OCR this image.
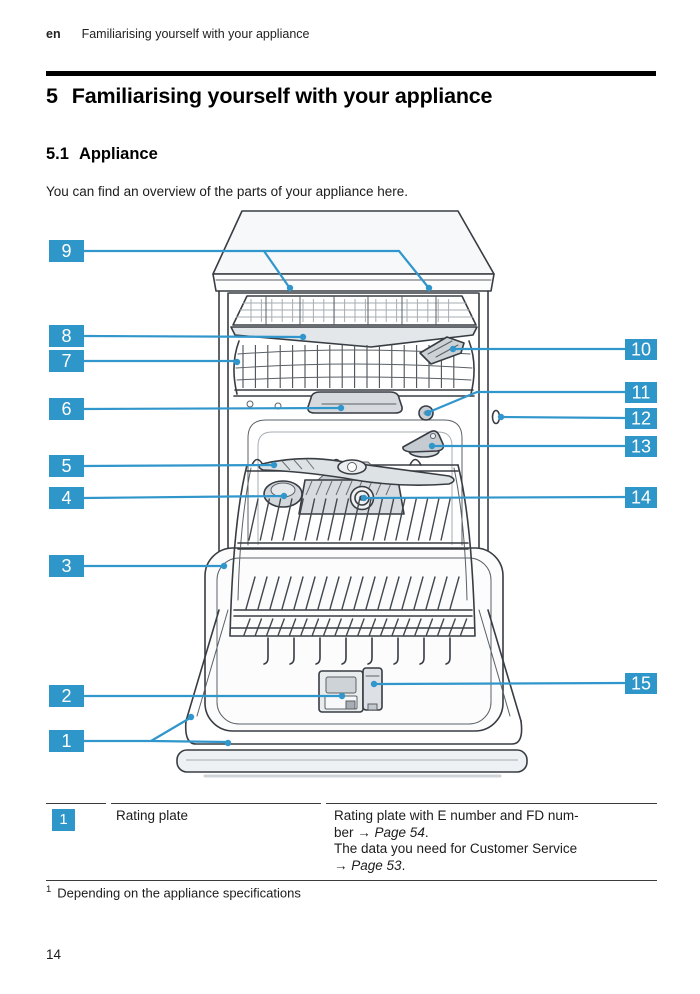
en Familiarising yourself with your appliance
5 Familiarising yourself with your appliance
5.1 Appliance
You can find an overview of the parts of your appliance here.
9
8
7
6
5
4
3
2
1
10
11
12
13
14
15
1	Rating plate	Rating plate with E number and FD num-
ber → Page 54.
The data you need for Customer Service
→ Page 53.
$^1$ Depending on the appliance specifications
14
